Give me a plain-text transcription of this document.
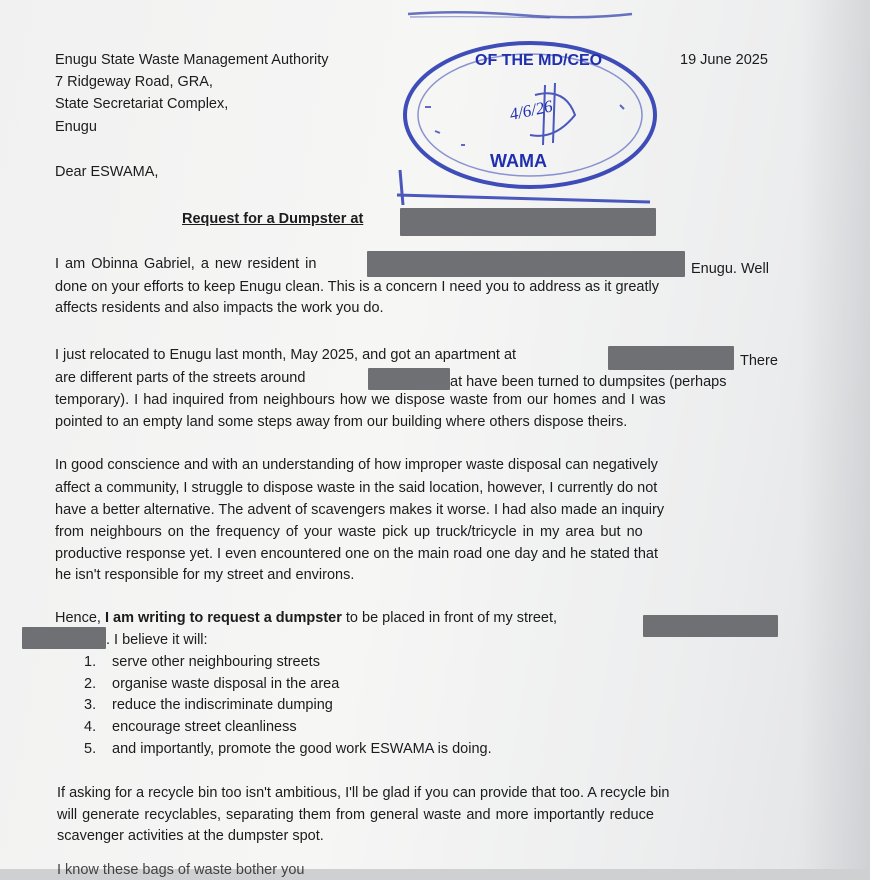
Enugu State Waste Management Authority
7 Ridgeway Road, GRA,
State Secretariat Complex,
Enugu
19 June 2025
OF THE MD/CEO
WAMA
4/6/26
Dear ESWAMA,
Request for a Dumpster at
I am Obinna Gabriel, a new resident in	Enugu. Well
done on your efforts to keep Enugu clean. This is a concern I need you to address as it greatly
affects residents and also impacts the work you do.
I just relocated to Enugu last month, May 2025, and got an apartment at	There
are different parts of the streets around	at have been turned to dumpsites (perhaps
temporary). I had inquired from neighbours how we dispose waste from our homes and I was
pointed to an empty land some steps away from our building where others dispose theirs.
In good conscience and with an understanding of how improper waste disposal can negatively
affect a community, I struggle to dispose waste in the said location, however, I currently do not
have a better alternative. The advent of scavengers makes it worse. I had also made an inquiry
from neighbours on the frequency of your waste pick up truck/tricycle in my area but no
productive response yet. I even encountered one on the main road one day and he stated that
he isn't responsible for my street and environs.
Hence, I am writing to request a dumpster to be placed in front of my street,
. I believe it will:
1. serve other neighbouring streets
2. organise waste disposal in the area
3. reduce the indiscriminate dumping
4. encourage street cleanliness
5. and importantly, promote the good work ESWAMA is doing.
If asking for a recycle bin too isn't ambitious, I'll be glad if you can provide that too. A recycle bin
will generate recyclables, separating them from general waste and more importantly reduce
scavenger activities at the dumpster spot.
I know these bags of waste bother you
